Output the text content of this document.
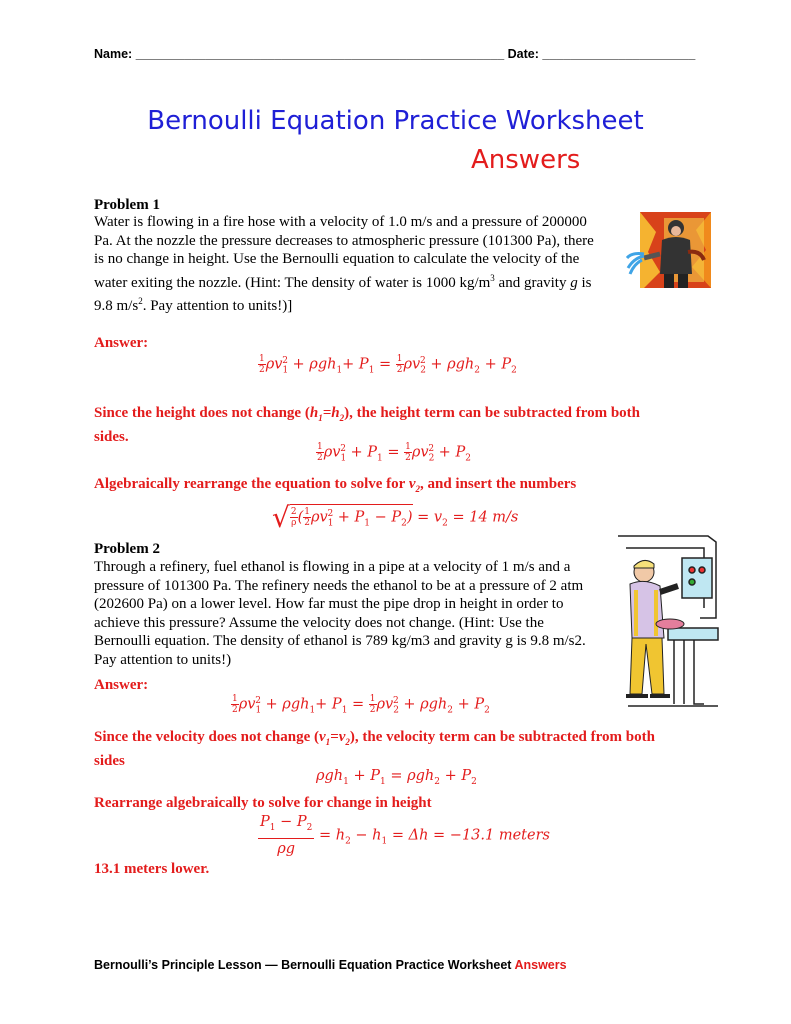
Name: _____________________________________________________ Date: ______________________
Bernoulli Equation Practice Worksheet
Answers
Problem 1
Water is flowing in a fire hose with a velocity of 1.0 m/s and a pressure of 200000
Pa. At the nozzle the pressure decreases to atmospheric pressure (101300 Pa), there
is no change in height. Use the Bernoulli equation to calculate the velocity of the
water exiting the nozzle. (Hint: The density of water is 1000 $kg/m^3$ and gravity g is
9.8 $m/s^2$. Pay attention to units!)]
Answer:
$\frac{1}{2} \rho v_1^2 + \rho gh_1+ P_1 = \frac{1}{2} \rho v_2^2 + \rho gh_2 + P_2$
Since the height does not change $(h_1=h_2)$, the height term can be subtracted from both
sides.
$\frac{1}{2} \rho v_1^2 + P_1 = \frac{1}{2} \rho v_2^2 + P_2$
Algebraically rearrange the equation to solve for $v_2$, and insert the numbers
√ $\frac{2}{\rho}$ ( $\frac{1}{2} \rho v_1^2 + P_1 - P_2) = v_2 = 14$ m/s
Problem 2
Through a refinery, fuel ethanol is flowing in a pipe at a velocity of 1 m/s and a
pressure of 101300 Pa. The refinery needs the ethanol to be at a pressure of 2 atm
(202600 Pa) on a lower level. How far must the pipe drop in height in order to
achieve this pressure? Assume the velocity does not change. (Hint: Use the
Bernoulli equation. The density of ethanol is 789 kg/m3 and gravity g is 9.8 m/s2.
Pay attention to units!)
Answer:
$\frac{1}{2} \rho v_1^2 + \rho gh_1+ P_1 = \frac{1}{2} \rho v_2^2 + \rho gh_2 + P_2$
Since the velocity does not change $(v_1=v_2)$, the velocity term can be subtracted from both
sides
$\rho gh_1 + P_1 = \rho gh_2 + P_2$
Rearrange algebraically to solve for change in height
$\frac{P_1 - P_2}{\rho g} = h_2 - h_1 = \Delta h = -13.1$ meters
13.1 meters lower.
Bernoulli’s Principle Lesson — Bernoulli Equation Practice Worksheet Answers
